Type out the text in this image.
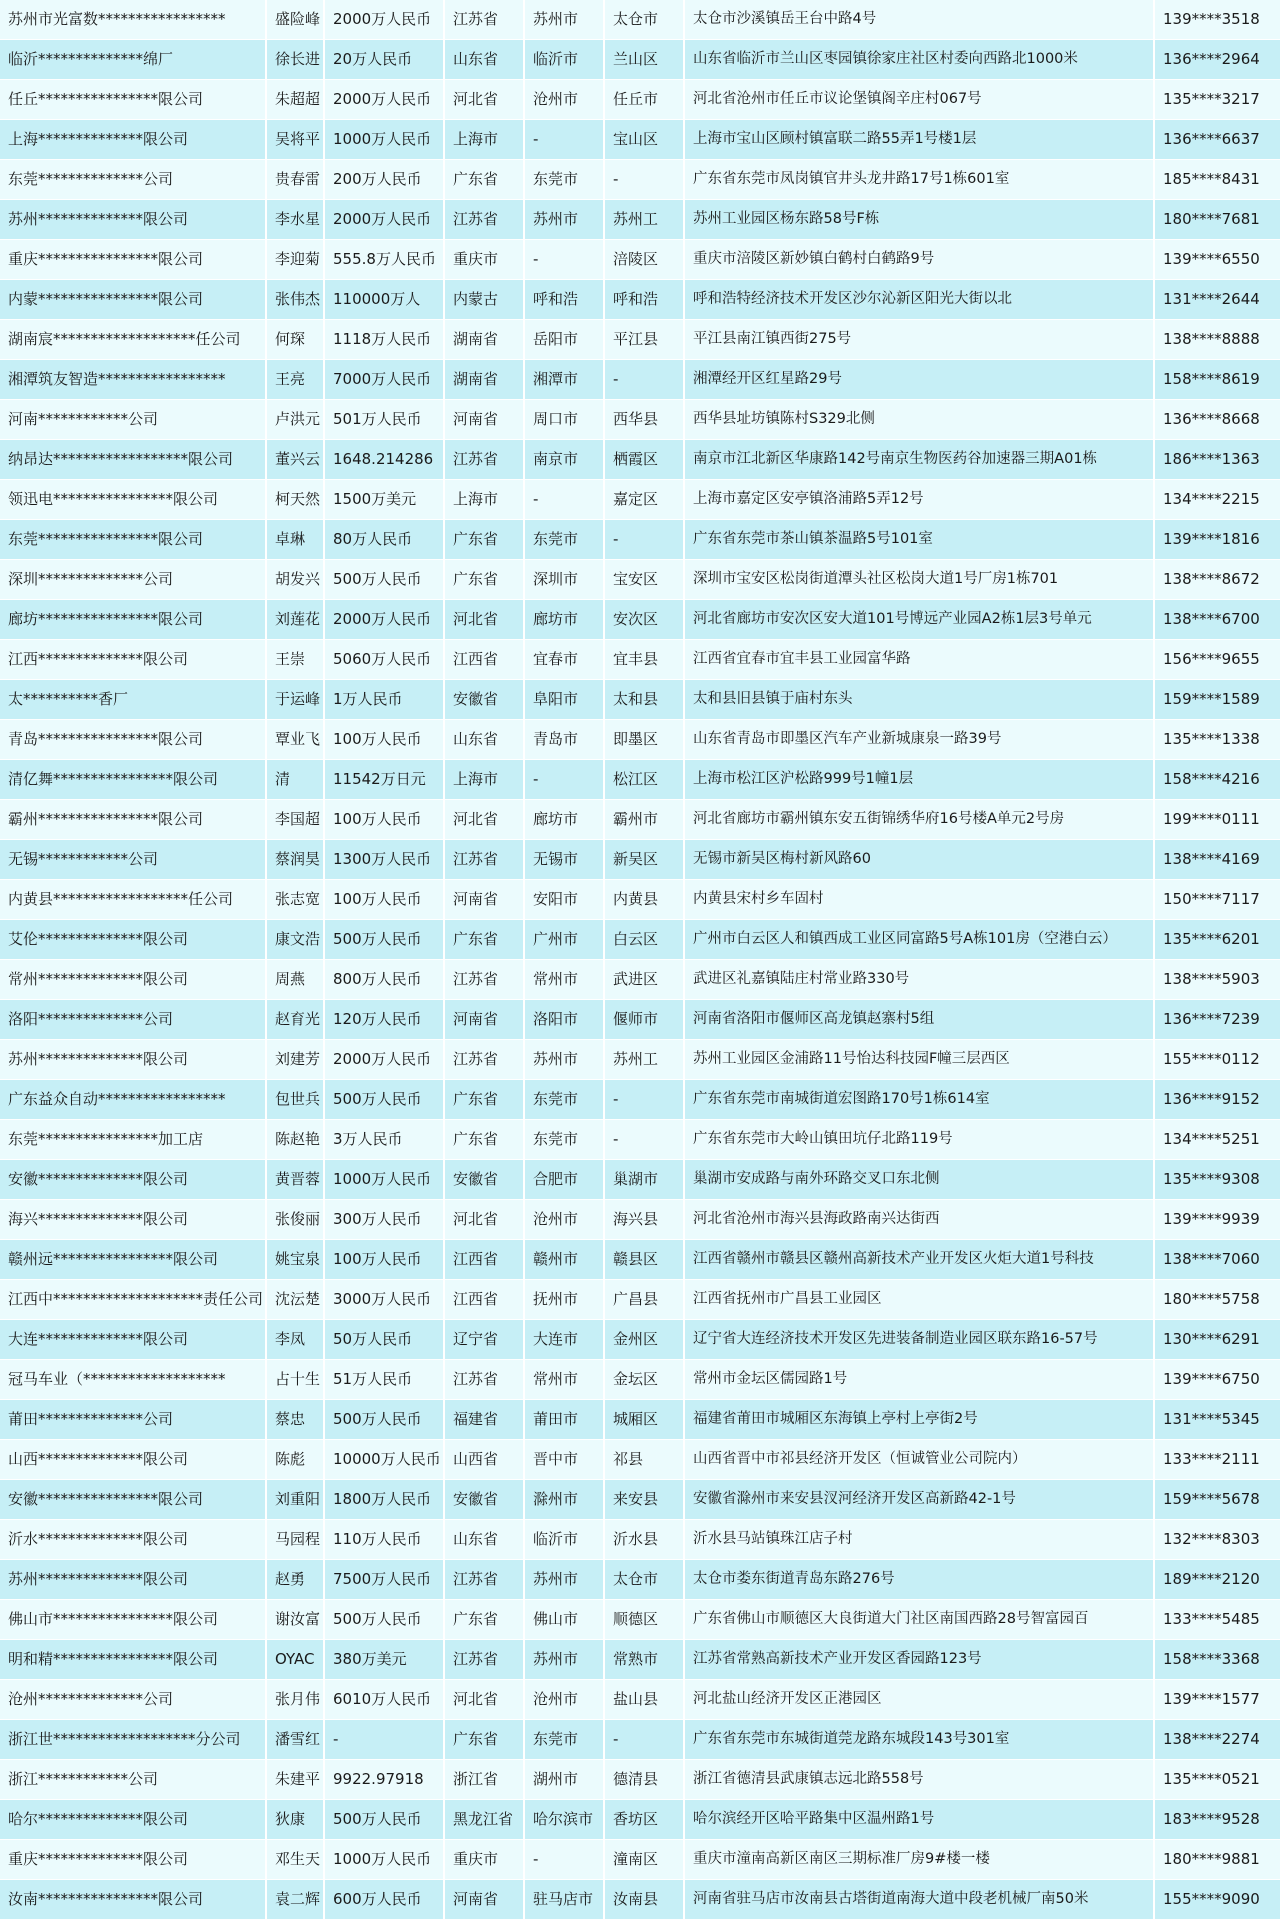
苏州市光富数*****************	盛险峰	2000万人民币	江苏省	苏州市	太仓市	太仓市沙溪镇岳王台中路4号	139****3518
临沂**************绵厂	徐长进	20万人民币	山东省	临沂市	兰山区	山东省临沂市兰山区枣园镇徐家庄社区村委向西路北1000米	136****2964
任丘****************限公司	朱超超	2000万人民币	河北省	沧州市	任丘市	河北省沧州市任丘市议论堡镇阁辛庄村067号	135****3217
上海**************限公司	吴将平	1000万人民币	上海市	-	宝山区	上海市宝山区顾村镇富联二路55弄1号楼1层	136****6637
东莞**************公司	贵春雷	200万人民币	广东省	东莞市	-	广东省东莞市凤岗镇官井头龙井路17号1栋601室	185****8431
苏州**************限公司	李水星	2000万人民币	江苏省	苏州市	苏州工	苏州工业园区杨东路58号F栋	180****7681
重庆****************限公司	李迎菊	555.8万人民币	重庆市	-	涪陵区	重庆市涪陵区新妙镇白鹤村白鹤路9号	139****6550
内蒙****************限公司	张伟杰	110000万人	内蒙古	呼和浩	呼和浩	呼和浩特经济技术开发区沙尔沁新区阳光大街以北	131****2644
湖南宸*******************任公司	何琛	1118万人民币	湖南省	岳阳市	平江县	平江县南江镇西街275号	138****8888
湘潭筑友智造*****************	王亮	7000万人民币	湖南省	湘潭市	-	湘潭经开区红星路29号	158****8619
河南************公司	卢洪元	501万人民币	河南省	周口市	西华县	西华县址坊镇陈村S329北侧	136****8668
纳昂达******************限公司	董兴云	1648.214286	江苏省	南京市	栖霞区	南京市江北新区华康路142号南京生物医药谷加速器三期A01栋	186****1363
领迅电****************限公司	柯天然	1500万美元	上海市	-	嘉定区	上海市嘉定区安亭镇洛浦路5弄12号	134****2215
东莞****************限公司	卓琳	80万人民币	广东省	东莞市	-	广东省东莞市茶山镇茶温路5号101室	139****1816
深圳**************公司	胡发兴	500万人民币	广东省	深圳市	宝安区	深圳市宝安区松岗街道潭头社区松岗大道1号厂房1栋701	138****8672
廊坊****************限公司	刘莲花	2000万人民币	河北省	廊坊市	安次区	河北省廊坊市安次区安大道101号博远产业园A2栋1层3号单元	138****6700
江西**************限公司	王崇	5060万人民币	江西省	宜春市	宜丰县	江西省宜春市宜丰县工业园富华路	156****9655
太**********香厂	于运峰	1万人民币	安徽省	阜阳市	太和县	太和县旧县镇于庙村东头	159****1589
青岛****************限公司	覃业飞	100万人民币	山东省	青岛市	即墨区	山东省青岛市即墨区汽车产业新城康泉一路39号	135****1338
清亿舞****************限公司	清	11542万日元	上海市	-	松江区	上海市松江区沪松路999号1幢1层	158****4216
霸州****************限公司	李国超	100万人民币	河北省	廊坊市	霸州市	河北省廊坊市霸州镇东安五街锦绣华府16号楼A单元2号房	199****0111
无锡************公司	蔡润昊	1300万人民币	江苏省	无锡市	新吴区	无锡市新吴区梅村新风路60	138****4169
内黄县******************任公司	张志宽	100万人民币	河南省	安阳市	内黄县	内黄县宋村乡车固村	150****7117
艾伦**************限公司	康文浩	500万人民币	广东省	广州市	白云区	广州市白云区人和镇西成工业区同富路5号A栋101房（空港白云）	135****6201
常州**************限公司	周燕	800万人民币	江苏省	常州市	武进区	武进区礼嘉镇陆庄村常业路330号	138****5903
洛阳**************公司	赵育光	120万人民币	河南省	洛阳市	偃师市	河南省洛阳市偃师区高龙镇赵寨村5组	136****7239
苏州**************限公司	刘建芳	2000万人民币	江苏省	苏州市	苏州工	苏州工业园区金浦路11号怡达科技园F幢三层西区	155****0112
广东益众自动*****************	包世兵	500万人民币	广东省	东莞市	-	广东省东莞市南城街道宏图路170号1栋614室	136****9152
东莞****************加工店	陈赵艳	3万人民币	广东省	东莞市	-	广东省东莞市大岭山镇田坑仔北路119号	134****5251
安徽**************限公司	黄晋蓉	1000万人民币	安徽省	合肥市	巢湖市	巢湖市安成路与南外环路交叉口东北侧	135****9308
海兴**************限公司	张俊丽	300万人民币	河北省	沧州市	海兴县	河北省沧州市海兴县海政路南兴达街西	139****9939
赣州远****************限公司	姚宝泉	100万人民币	江西省	赣州市	赣县区	江西省赣州市赣县区赣州高新技术产业开发区火炬大道1号科技	138****7060
江西中********************责任公司	沈沄楚	3000万人民币	江西省	抚州市	广昌县	江西省抚州市广昌县工业园区	180****5758
大连**************限公司	李凤	50万人民币	辽宁省	大连市	金州区	辽宁省大连经济技术开发区先进装备制造业园区联东路16-57号	130****6291
冠马车业（*******************	占十生	51万人民币	江苏省	常州市	金坛区	常州市金坛区儒园路1号	139****6750
莆田**************公司	蔡忠	500万人民币	福建省	莆田市	城厢区	福建省莆田市城厢区东海镇上亭村上亭街2号	131****5345
山西**************限公司	陈彪	10000万人民币	山西省	晋中市	祁县	山西省晋中市祁县经济开发区（恒诚管业公司院内）	133****2111
安徽****************限公司	刘重阳	1800万人民币	安徽省	滁州市	来安县	安徽省滁州市来安县汊河经济开发区高新路42-1号	159****5678
沂水**************限公司	马园程	110万人民币	山东省	临沂市	沂水县	沂水县马站镇珠江店子村	132****8303
苏州**************限公司	赵勇	7500万人民币	江苏省	苏州市	太仓市	太仓市娄东街道青岛东路276号	189****2120
佛山市****************限公司	谢汝富	500万人民币	广东省	佛山市	顺德区	广东省佛山市顺德区大良街道大门社区南国西路28号智富园百	133****5485
明和精****************限公司	OYAC	380万美元	江苏省	苏州市	常熟市	江苏省常熟高新技术产业开发区香园路123号	158****3368
沧州**************公司	张月伟	6010万人民币	河北省	沧州市	盐山县	河北盐山经济开发区正港园区	139****1577
浙江世*******************分公司	潘雪红	-	广东省	东莞市	-	广东省东莞市东城街道莞龙路东城段143号301室	138****2274
浙江************公司	朱建平	9922.97918	浙江省	湖州市	德清县	浙江省德清县武康镇志远北路558号	135****0521
哈尔**************限公司	狄康	500万人民币	黑龙江省	哈尔滨市	香坊区	哈尔滨经开区哈平路集中区温州路1号	183****9528
重庆**************限公司	邓生天	1000万人民币	重庆市	-	潼南区	重庆市潼南高新区南区三期标准厂房9#楼一楼	180****9881
汝南****************限公司	袁二辉	600万人民币	河南省	驻马店市	汝南县	河南省驻马店市汝南县古塔街道南海大道中段老机械厂南50米	155****9090
